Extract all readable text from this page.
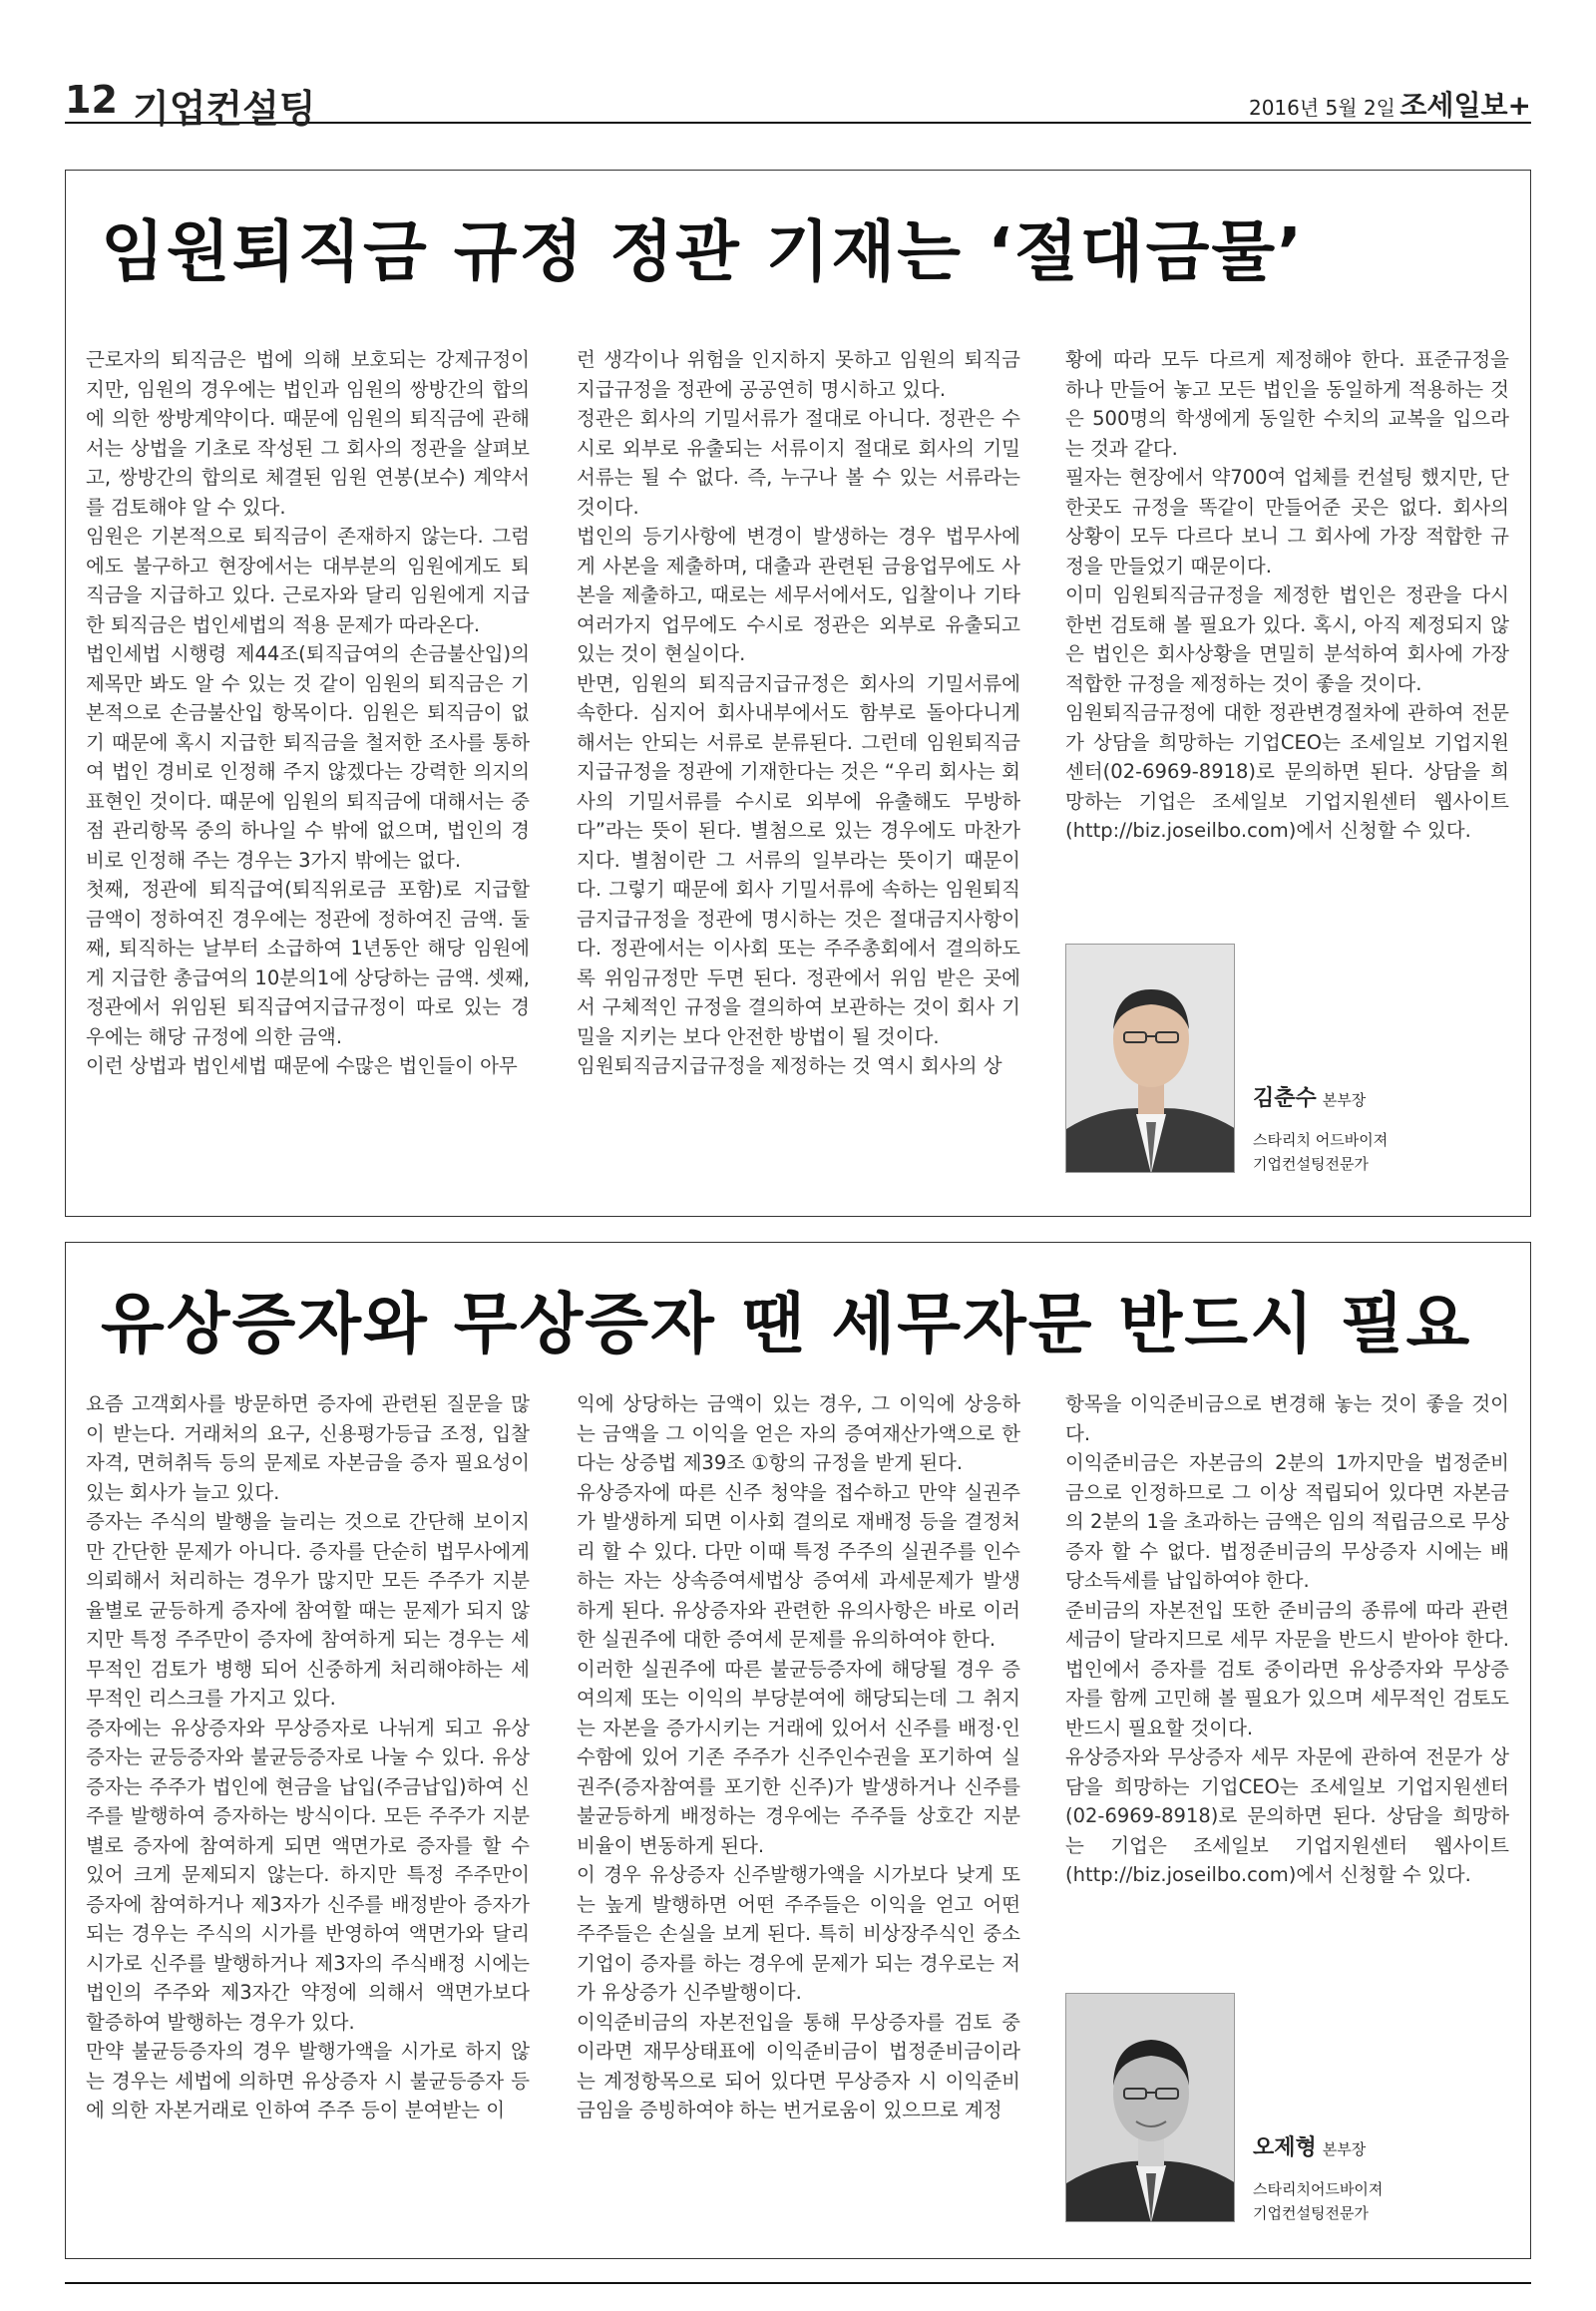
12 기업컨설팅	2016년 5월 2일 조세일보+
임원퇴직금 규정 정관 기재는 ‘절대금물’

근로자의 퇴직금은 법에 의해 보호되는 강제규정이지만, 임원의 경우에는 법인과 임원의 쌍방간의 합의에 의한 쌍방계약이다. 때문에 임원의 퇴직금에 관해서는 상법을 기초로 작성된 그 회사의 정관을 살펴보고, 쌍방간의 합의로 체결된 임원 연봉(보수) 계약서를 검토해야 알 수 있다.

임원은 기본적으로 퇴직금이 존재하지 않는다. 그럼에도 불구하고 현장에서는 대부분의 임원에게도 퇴직금을 지급하고 있다. 근로자와 달리 임원에게 지급한 퇴직금은 법인세법의 적용 문제가 따라온다.

법인세법 시행령 제44조(퇴직급여의 손금불산입)의 제목만 봐도 알 수 있는 것 같이 임원의 퇴직금은 기본적으로 손금불산입 항목이다. 임원은 퇴직금이 없기 때문에 혹시 지급한 퇴직금을 철저한 조사를 통하여 법인 경비로 인정해 주지 않겠다는 강력한 의지의 표현인 것이다. 때문에 임원의 퇴직금에 대해서는 중점 관리항목 중의 하나일 수 밖에 없으며, 법인의 경비로 인정해 주는 경우는 3가지 밖에는 없다.

첫째, 정관에 퇴직급여(퇴직위로금 포함)로 지급할 금액이 정하여진 경우에는 정관에 정하여진 금액. 둘째, 퇴직하는 날부터 소급하여 1년동안 해당 임원에게 지급한 총급여의 10분의1에 상당하는 금액. 셋째, 정관에서 위임된 퇴직급여지급규정이 따로 있는 경우에는 해당 규정에 의한 금액.

이런 상법과 법인세법 때문에 수많은 법인들이 아무

런 생각이나 위험을 인지하지 못하고 임원의 퇴직금 지급규정을 정관에 공공연히 명시하고 있다.

정관은 회사의 기밀서류가 절대로 아니다. 정관은 수시로 외부로 유출되는 서류이지 절대로 회사의 기밀서류는 될 수 없다. 즉, 누구나 볼 수 있는 서류라는 것이다.

법인의 등기사항에 변경이 발생하는 경우 법무사에게 사본을 제출하며, 대출과 관련된 금융업무에도 사본을 제출하고, 때로는 세무서에서도, 입찰이나 기타 여러가지 업무에도 수시로 정관은 외부로 유출되고 있는 것이 현실이다.

반면, 임원의 퇴직금지급규정은 회사의 기밀서류에 속한다. 심지어 회사내부에서도 함부로 돌아다니게 해서는 안되는 서류로 분류된다. 그런데 임원퇴직금지급규정을 정관에 기재한다는 것은 “우리 회사는 회사의 기밀서류를 수시로 외부에 유출해도 무방하다”라는 뜻이 된다. 별첨으로 있는 경우에도 마찬가지다. 별첨이란 그 서류의 일부라는 뜻이기 때문이다. 그렇기 때문에 회사 기밀서류에 속하는 임원퇴직금지급규정을 정관에 명시하는 것은 절대금지사항이다. 정관에서는 이사회 또는 주주총회에서 결의하도록 위임규정만 두면 된다. 정관에서 위임 받은 곳에서 구체적인 규정을 결의하여 보관하는 것이 회사 기밀을 지키는 보다 안전한 방법이 될 것이다.

임원퇴직금지급규정을 제정하는 것 역시 회사의 상

황에 따라 모두 다르게 제정해야 한다. 표준규정을 하나 만들어 놓고 모든 법인을 동일하게 적용하는 것은 500명의 학생에게 동일한 수치의 교복을 입으라는 것과 같다.

필자는 현장에서 약700여 업체를 컨설팅 했지만, 단 한곳도 규정을 똑같이 만들어준 곳은 없다. 회사의 상황이 모두 다르다 보니 그 회사에 가장 적합한 규정을 만들었기 때문이다.

이미 임원퇴직금규정을 제정한 법인은 정관을 다시 한번 검토해 볼 필요가 있다. 혹시, 아직 제정되지 않은 법인은 회사상황을 면밀히 분석하여 회사에 가장 적합한 규정을 제정하는 것이 좋을 것이다.

임원퇴직금규정에 대한 정관변경절차에 관하여 전문가 상담을 희망하는 기업CEO는 조세일보 기업지원센터(02-6969-8918)로 문의하면 된다. 상담을 희망하는 기업은 조세일보 기업지원센터 웹사이트(http://biz.joseilbo.com)에서 신청할 수 있다.

김춘수 본부장
스타리치 어드바이져
기업컨설팅전문가
유상증자와 무상증자 땐 세무자문 반드시 필요

요즘 고객회사를 방문하면 증자에 관련된 질문을 많이 받는다. 거래처의 요구, 신용평가등급 조정, 입찰자격, 면허취득 등의 문제로 자본금을 증자 필요성이 있는 회사가 늘고 있다.

증자는 주식의 발행을 늘리는 것으로 간단해 보이지만 간단한 문제가 아니다. 증자를 단순히 법무사에게 의뢰해서 처리하는 경우가 많지만 모든 주주가 지분율별로 균등하게 증자에 참여할 때는 문제가 되지 않지만 특정 주주만이 증자에 참여하게 되는 경우는 세무적인 검토가 병행 되어 신중하게 처리해야하는 세무적인 리스크를 가지고 있다.

증자에는 유상증자와 무상증자로 나뉘게 되고 유상증자는 균등증자와 불균등증자로 나눌 수 있다. 유상증자는 주주가 법인에 현금을 납입(주금납입)하여 신주를 발행하여 증자하는 방식이다. 모든 주주가 지분별로 증자에 참여하게 되면 액면가로 증자를 할 수 있어 크게 문제되지 않는다. 하지만 특정 주주만이 증자에 참여하거나 제3자가 신주를 배정받아 증자가 되는 경우는 주식의 시가를 반영하여 액면가와 달리 시가로 신주를 발행하거나 제3자의 주식배정 시에는 법인의 주주와 제3자간 약정에 의해서 액면가보다 할증하여 발행하는 경우가 있다.

만약 불균등증자의 경우 발행가액을 시가로 하지 않는 경우는 세법에 의하면 유상증자 시 불균등증자 등에 의한 자본거래로 인하여 주주 등이 분여받는 이

익에 상당하는 금액이 있는 경우, 그 이익에 상응하는 금액을 그 이익을 얻은 자의 증여재산가액으로 한다는 상증법 제39조 ①항의 규정을 받게 된다.

유상증자에 따른 신주 청약을 접수하고 만약 실권주가 발생하게 되면 이사회 결의로 재배정 등을 결정처리 할 수 있다. 다만 이때 특정 주주의 실권주를 인수하는 자는 상속증여세법상 증여세 과세문제가 발생하게 된다. 유상증자와 관련한 유의사항은 바로 이러한 실권주에 대한 증여세 문제를 유의하여야 한다.

이러한 실권주에 따른 불균등증자에 해당될 경우 증여의제 또는 이익의 부당분여에 해당되는데 그 취지는 자본을 증가시키는 거래에 있어서 신주를 배정·인수함에 있어 기존 주주가 신주인수권을 포기하여 실권주(증자참여를 포기한 신주)가 발생하거나 신주를 불균등하게 배정하는 경우에는 주주들 상호간 지분 비율이 변동하게 된다.

이 경우 유상증자 신주발행가액을 시가보다 낮게 또는 높게 발행하면 어떤 주주들은 이익을 얻고 어떤 주주들은 손실을 보게 된다. 특히 비상장주식인 중소기업이 증자를 하는 경우에 문제가 되는 경우로는 저가 유상증가 신주발행이다.

이익준비금의 자본전입을 통해 무상증자를 검토 중이라면 재무상태표에 이익준비금이 법정준비금이라는 계정항목으로 되어 있다면 무상증자 시 이익준비금임을 증빙하여야 하는 번거로움이 있으므로 계정

항목을 이익준비금으로 변경해 놓는 것이 좋을 것이다.

이익준비금은 자본금의 2분의 1까지만을 법정준비금으로 인정하므로 그 이상 적립되어 있다면 자본금의 2분의 1을 초과하는 금액은 임의 적립금으로 무상증자 할 수 없다. 법정준비금의 무상증자 시에는 배당소득세를 납입하여야 한다.

준비금의 자본전입 또한 준비금의 종류에 따라 관련 세금이 달라지므로 세무 자문을 반드시 받아야 한다. 법인에서 증자를 검토 중이라면 유상증자와 무상증자를 함께 고민해 볼 필요가 있으며 세무적인 검토도 반드시 필요할 것이다.

유상증자와 무상증자 세무 자문에 관하여 전문가 상담을 희망하는 기업CEO는 조세일보 기업지원센터(02-6969-8918)로 문의하면 된다. 상담을 희망하는 기업은 조세일보 기업지원센터 웹사이트(http://biz.joseilbo.com)에서 신청할 수 있다.

오제형 본부장
스타리치어드바이져
기업컨설팅전문가
